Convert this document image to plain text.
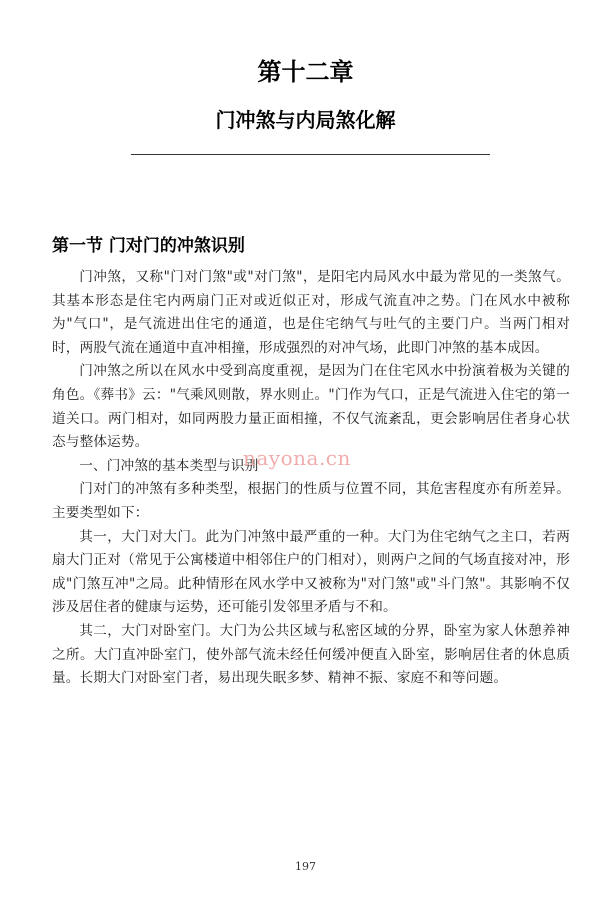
第十二章
门冲煞与内局煞化解
第一节 门对门的冲煞识别

门冲煞，又称"门对门煞"或"对门煞"，是阳宅内局风水中最为常见的一类煞气。其基本形态是住宅内两扇门正对或近似正对，形成气流直冲之势。门在风水中被称为"气口"，是气流进出住宅的通道，也是住宅纳气与吐气的主要门户。当两门相对时，两股气流在通道中直冲相撞，形成强烈的对冲气场，此即门冲煞的基本成因。

门冲煞之所以在风水中受到高度重视，是因为门在住宅风水中扮演着极为关键的角色。《葬书》云："气乘风则散，界水则止。"门作为气口，正是气流进入住宅的第一道关口。两门相对，如同两股力量正面相撞，不仅气流紊乱，更会影响居住者身心状态与整体运势。

一、门冲煞的基本类型与识别

门对门的冲煞有多种类型，根据门的性质与位置不同，其危害程度亦有所差异。主要类型如下：

其一，大门对大门。此为门冲煞中最严重的一种。大门为住宅纳气之主口，若两扇大门正对（常见于公寓楼道中相邻住户的门相对），则两户之间的气场直接对冲，形成"门煞互冲"之局。此种情形在风水学中又被称为"对门煞"或"斗门煞"。其影响不仅涉及居住者的健康与运势，还可能引发邻里矛盾与不和。

其二，大门对卧室门。大门为公共区域与私密区域的分界，卧室为家人休憩养神之所。大门直冲卧室门，使外部气流未经任何缓冲便直入卧室，影响居住者的休息质量。长期大门对卧室门者，易出现失眠多梦、精神不振、家庭不和等问题。

nayona.cn
197
